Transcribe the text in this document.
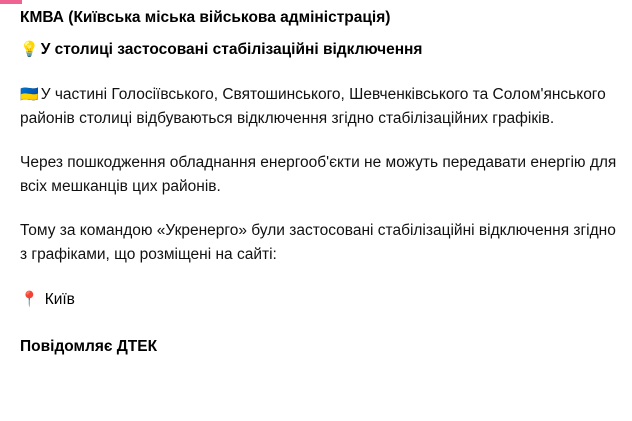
КМВА (Київська міська військова адміністрація)
💡 У столиці застосовані стабілізаційні відключення
🇺🇦 У частині Голосіївського, Святошинського, Шевченківського та Солом'янського районів столиці відбуваються відключення згідно стабілізаційних графіків.
Через пошкодження обладнання енергооб'єкти не можуть передавати енергію для всіх мешканців цих районів.
Тому за командою «Укренерго» були застосовані стабілізаційні відключення згідно з графіками, що розміщені на сайті:
📍 Київ
Повідомляє ДТЕК
